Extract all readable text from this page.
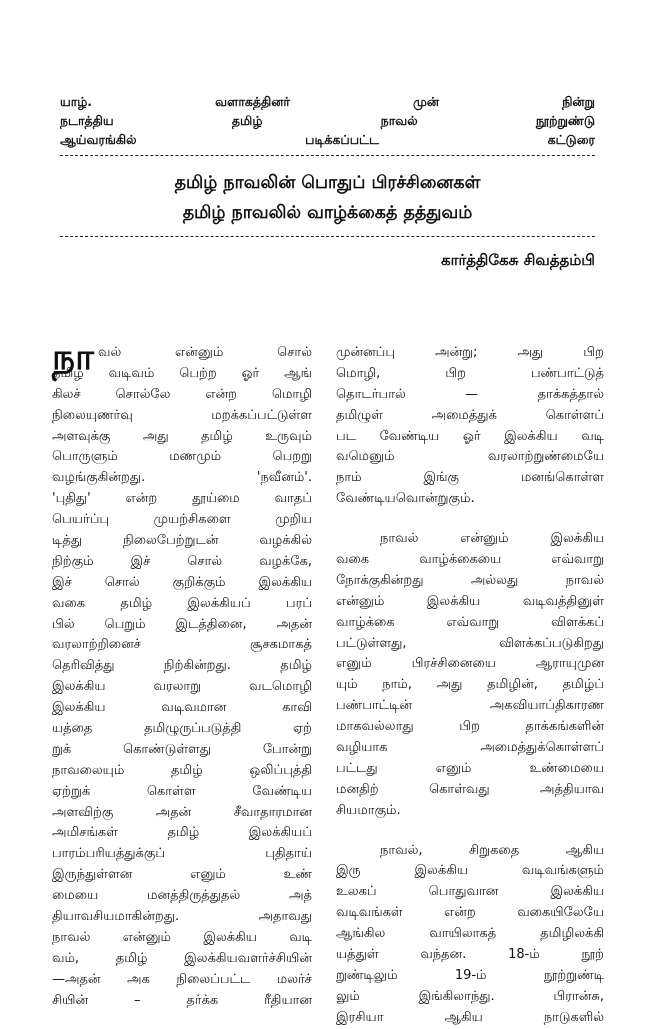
யாழ். வளாகத்தினர் முன் நின்று
நடாத்திய தமிழ் நாவல் நூற்றுண்டு
ஆய்வரங்கில் படிக்கப்பட்ட கட்டுரை
தமிழ் நாவலின் பொதுப் பிரச்சினைகள்
தமிழ் நாவலில் வாழ்க்கைத் தத்துவம்
கார்த்திகேசு சிவத்தம்பி
நா வல் என்னும் சொல்
தமிழ் வடிவம் பெற்ற ஓர் ஆங்
கிலச் சொல்லே என்ற மொழி
நிலையுணர்வு மறக்கப்பட்டுள்ள
அளவுக்கு அது தமிழ் உருவும்
பொருளும் மணமும் பெறறு
வழங்குகின்றது. 'நவீனம்'.
'புதிது' என்ற தூய்மை வாதப்
பெயர்ப்பு முயற்சிகளை முறிய
டித்து நிலைபேற்றுடன் வழக்கில்
நிற்கும் இச் சொல் வழக்கே,
இச் சொல் குறிக்கும் இலக்கிய
வகை தமிழ் இலக்கியப் பரப்
பில் பெறும் இடத்தினை, அதன்
வரலாற்றினைச் சூசகமாகத்
தெரிவித்து நிற்கின்றது. தமிழ்
இலக்கிய வரலாறு வடமொழி
இலக்கிய வடிவமான காவி
யத்தை தமிழுருப்படுத்தி ஏற்
றுக் கொண்டுள்ளது போன்று
நாவலையும் தமிழ் ஒலிப்புத்தி
ஏற்றுக் கொள்ள வேண்டிய
அளவிற்கு அதன் சீவாதாரமான
அமிசங்கள் தமிழ் இலக்கியப்
பாரம்பரியத்துக்குப் புதிதாய்
இருந்துள்ளன எனும் உண்
மையை மனத்திருத்துதல் அத்
தியாவசியமாகின்றது. அதாவது
நாவல் என்னும் இலக்கிய வடி
வம், தமிழ் இலக்கியவளர்ச்சியின்
—அதன் அக நிலைப்பட்ட மலர்ச்
சியின் – தர்க்க ரீதியான
முன்னப்பு அன்று; அது பிற
மொழி, பிற பண்பாட்டுத்
தொடர்பால் — தாக்கத்தால்
தமிழுள் அமைத்துக் கொள்ளப்
பட வேண்டிய ஓர் இலக்கிய வடி
வமெனும் வரலாற்றுண்மையே
நாம் இங்கு மனங்கொள்ள
வேண்டியவொன்றுகும்.
நாவல் என்னும் இலக்கிய
வகை வாழ்க்கையை எவ்வாறு
நோக்குகின்றது அல்லது நாவல்
என்னும் இலக்கிய வடிவத்தினுள்
வாழ்க்கை எவ்வாறு விளக்கப்
பட்டுள்ளது, விளக்கப்படுகிறது
எனும் பிரச்சினையை ஆராயுமுன
யும் நாம், அது தமிழின், தமிழ்ப்
பண்பாட்டின் அகவியாப்திகாரண
மாகவல்லாது பிற தாக்கங்களின்
வழியாக அமைத்துக்கொள்ளப்
பட்டது எனும் உண்மையை
மனதிற் கொள்வது அத்தியாவ
சியமாகும்.
நாவல், சிறுகதை ஆகிய
இரு இலக்கிய வடிவங்களும்
உலகப் பொதுவான இலக்கிய
வடிவங்கள் என்ற வகையிலேயே
ஆங்கில வாயிலாகத் தமிழிலக்கி
யத்துள் வந்தன. 18-ம் நூற்
றுண்டிலும் 19-ம் நூற்றுண்டி
லும் இங்கிலாந்து. பிரான்சு,
இரசியா ஆகிய நாடுகளில்
